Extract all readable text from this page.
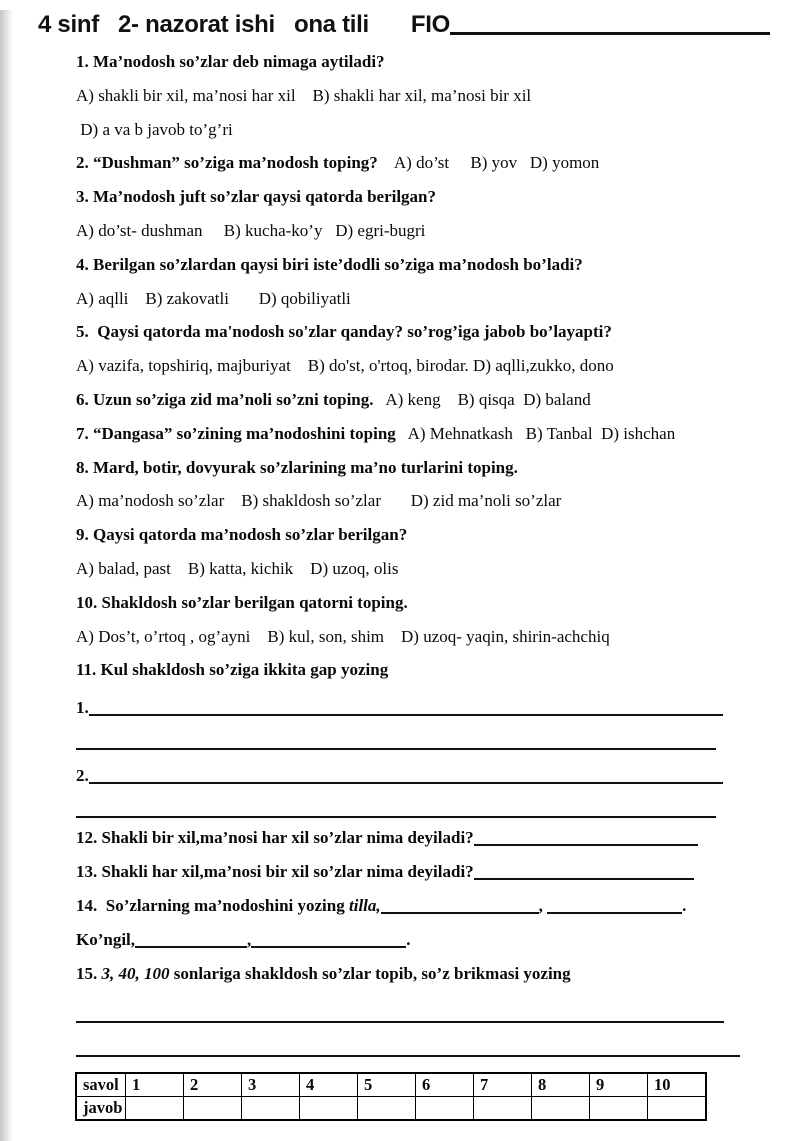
4 sinf   2- nazorat ishi   ona tili FIO
1. Ma’nodosh so’zlar deb nimaga aytiladi?
A) shakli bir xil, ma’nosi har xil    B) shakli har xil, ma’nosi bir xil
D) a va b javob to’g’ri
2. “Dushman” so’ziga ma’nodosh toping?    A) do’st     B) yov   D) yomon
3. Ma’nodosh juft so’zlar qaysi qatorda berilgan?
A) do’st- dushman     B) kucha-ko’y   D) egri-bugri
4. Berilgan so’zlardan qaysi biri iste’dodli so’ziga ma’nodosh bo’ladi?
A) aqlli    B) zakovatli       D) qobiliyatli
5.  Qaysi qatorda ma'nodosh so'zlar qanday? so’rog’iga jabob bo’layapti?
A) vazifa, topshiriq, majburiyat    B) do'st, o'rtoq, birodar. D) aqlli,zukko, dono
6. Uzun so’ziga zid ma’noli so’zni toping.   A) keng    B) qisqa  D) baland
7. “Dangasa” so’zining ma’nodoshini toping   A) Mehnatkash   B) Tanbal  D) ishchan
8. Mard, botir, dovyurak so’zlarining ma’no turlarini toping.
A) ma’nodosh so’zlar    B) shakldosh so’zlar       D) zid ma’noli so’zlar
9. Qaysi qatorda ma’nodosh so’zlar berilgan?
A) balad, past    B) katta, kichik    D) uzoq, olis
10. Shakldosh so’zlar berilgan qatorni toping.
A) Dos’t, o’rtoq , og’ayni    B) kul, son, shim    D) uzoq- yaqin, shirin-achchiq
11. Kul shakldosh so’ziga ikkita gap yozing
1.
2.
12. Shakli bir xil,ma’nosi har xil so’zlar nima deyiladi?
13. Shakli har xil,ma’nosi bir xil so’zlar nima deyiladi?
14.  So’zlarning ma’nodoshini yozing tilla,	,	.
Ko’ngil,	,	.
15. 3, 40, 100 sonlariga shakldosh so’zlar topib, so’z brikmasi yozing
savol	1	2	3	4	5	6	7	8	9	10
javob										
